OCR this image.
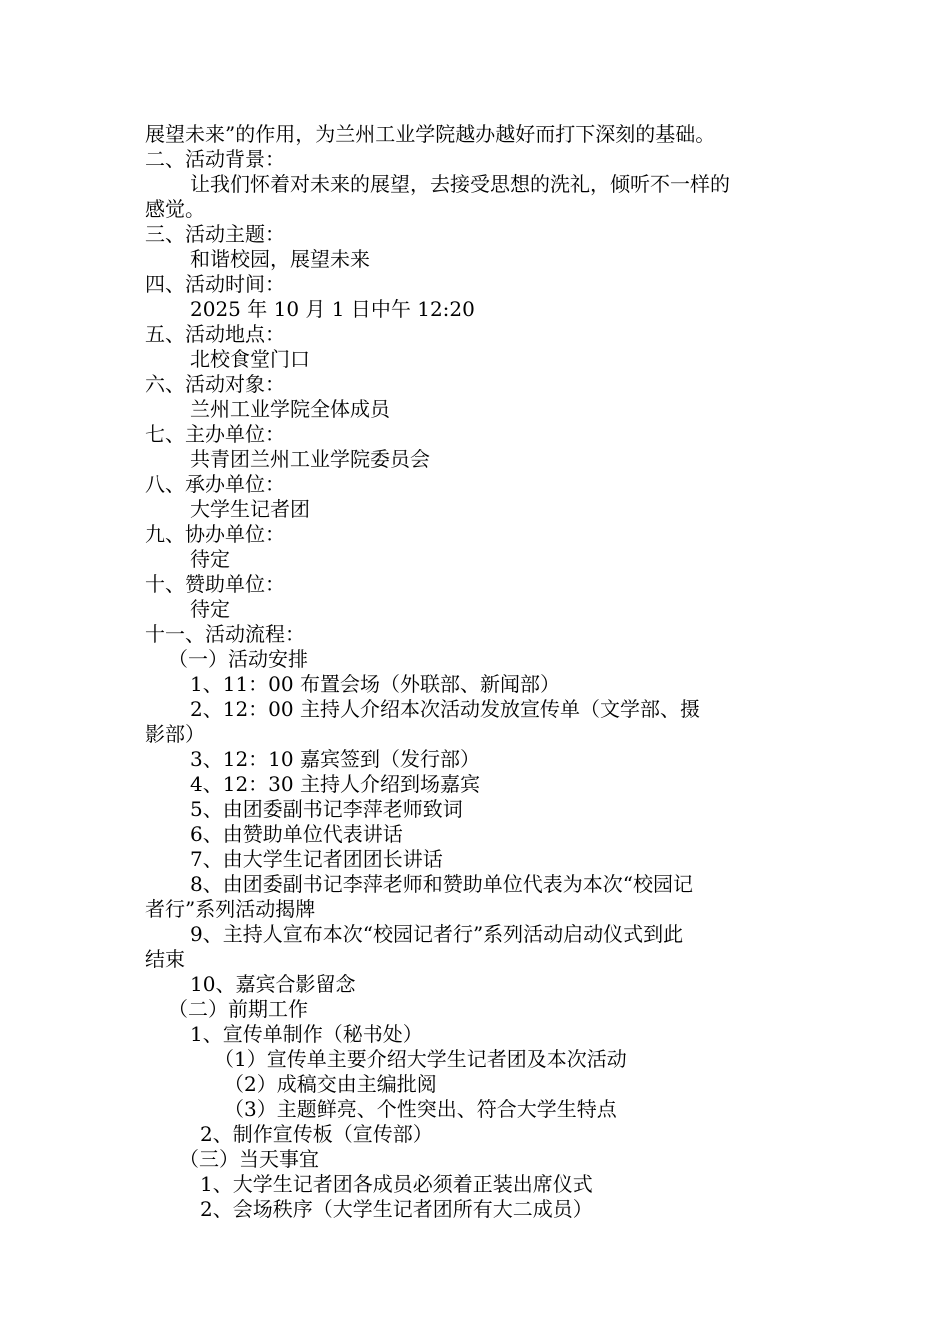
展望未来”的作用，为兰州工业学院越办越好而打下深刻的基础。
二、活动背景：
让我们怀着对未来的展望，去接受思想的洗礼，倾听不一样的
感觉。
三、活动主题：
和谐校园，展望未来
四、活动时间：
2025 年 10 月 1 日中午 12:20
五、活动地点：
北校食堂门口
六、活动对象：
兰州工业学院全体成员
七、主办单位：
共青团兰州工业学院委员会
八、承办单位：
大学生记者团
九、协办单位：
待定
十、赞助单位：
待定
十一、活动流程：
（一）活动安排
1、11：00 布置会场（外联部、新闻部）
2、12：00 主持人介绍本次活动发放宣传单（文学部、摄
影部）
3、12：10 嘉宾签到（发行部）
4、12：30 主持人介绍到场嘉宾
5、由团委副书记李萍老师致词
6、由赞助单位代表讲话
7、由大学生记者团团长讲话
8、由团委副书记李萍老师和赞助单位代表为本次“校园记
者行”系列活动揭牌
9、主持人宣布本次“校园记者行”系列活动启动仪式到此
结束
10、嘉宾合影留念
（二）前期工作
1、宣传单制作（秘书处）
（1）宣传单主要介绍大学生记者团及本次活动
（2）成稿交由主编批阅
（3）主题鲜亮、个性突出、符合大学生特点
2、制作宣传板（宣传部）
（三）当天事宜
1、大学生记者团各成员必须着正装出席仪式
2、会场秩序（大学生记者团所有大二成员）
